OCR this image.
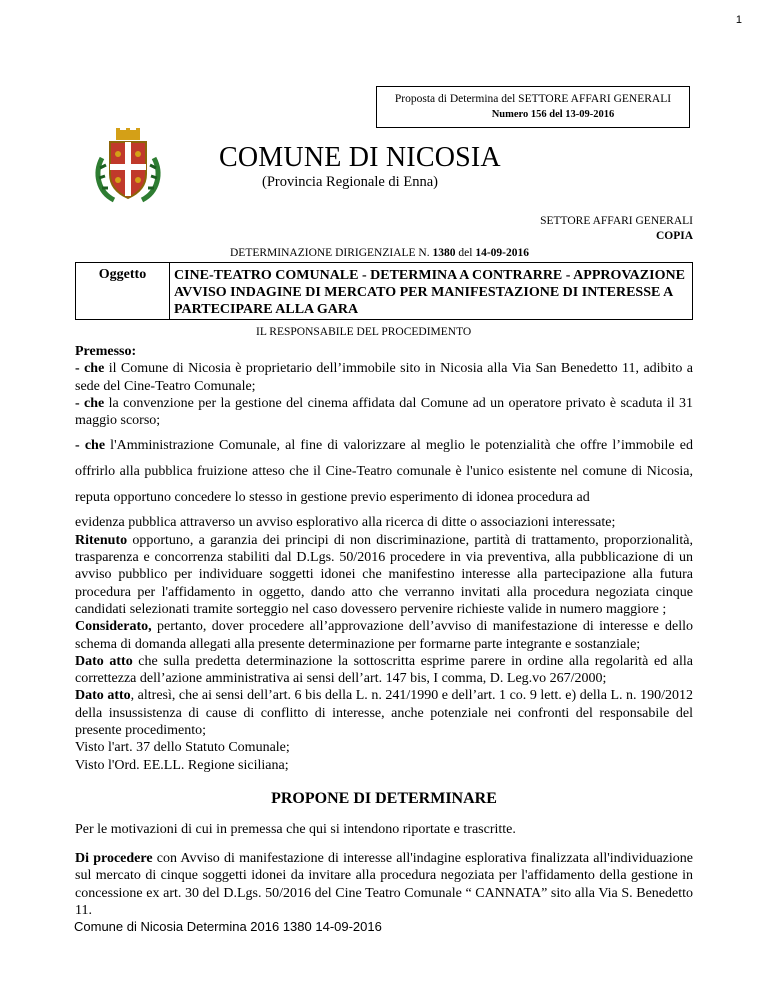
1
Proposta di Determina del SETTORE AFFARI GENERALI
Numero 156 del 13-09-2016
COMUNE DI NICOSIA
(Provincia Regionale di Enna)
SETTORE AFFARI GENERALI
COPIA
DETERMINAZIONE DIRIGENZIALE N. 1380 del 14-09-2016
Oggetto	CINE-TEATRO COMUNALE - DETERMINA A CONTRARRE - APPROVAZIONE AVVISO INDAGINE DI MERCATO PER MANIFESTAZIONE DI INTERESSE A PARTECIPARE ALLA GARA
IL RESPONSABILE DEL PROCEDIMENTO

Premesso:

- che il Comune di Nicosia è proprietario dell’immobile sito in Nicosia alla Via San Benedetto 11, adibito a sede del Cine-Teatro Comunale;

- che la convenzione per la gestione del cinema affidata dal Comune ad un operatore privato è scaduta il 31 maggio scorso;

- che l'Amministrazione Comunale, al fine di valorizzare al meglio le potenzialità che offre l’immobile ed offrirlo alla pubblica fruizione atteso che il Cine-Teatro comunale è l'unico esistente nel comune di Nicosia, reputa opportuno concedere lo stesso in gestione previo esperimento di idonea procedura ad

evidenza pubblica attraverso un avviso esplorativo alla ricerca di ditte o associazioni interessate;

Ritenuto opportuno, a garanzia dei principi di non discriminazione, partità di trattamento, proporzionalità, trasparenza e concorrenza stabiliti dal D.Lgs. 50/2016 procedere in via preventiva, alla pubblicazione di un avviso pubblico per individuare soggetti idonei che manifestino interesse alla partecipazione alla futura procedura per l'affidamento in oggetto, dando atto che verranno invitati alla procedura negoziata cinque candidati selezionati tramite sorteggio nel caso dovessero pervenire richieste valide in numero maggiore ;

Considerato, pertanto, dover procedere all’approvazione dell’avviso di manifestazione di interesse e dello schema di domanda allegati alla presente determinazione per formarne parte integrante e sostanziale;

Dato atto che sulla predetta determinazione la sottoscritta esprime parere in ordine alla regolarità ed alla correttezza dell’azione amministrativa ai sensi dell’art. 147 bis, I comma, D. Leg.vo 267/2000;

Dato atto, altresì, che ai sensi dell’art. 6 bis della L. n. 241/1990 e dell’art. 1 co. 9 lett. e) della L. n. 190/2012 della insussistenza di cause di conflitto di interesse, anche potenziale nei confronti del responsabile del presente procedimento;

Visto l'art. 37 dello Statuto Comunale;

Visto l'Ord. EE.LL. Regione siciliana;

PROPONE DI DETERMINARE
Per le motivazioni di cui in premessa che qui si intendono riportate e trascritte.
Di procedere con Avviso di manifestazione di interesse all'indagine esplorativa finalizzata all'individuazione sul mercato di cinque soggetti idonei da invitare alla procedura negoziata per l'affidamento della gestione in concessione ex art. 30 del D.Lgs. 50/2016 del Cine Teatro Comunale “ CANNATA” sito alla Via S. Benedetto 11.
Comune di Nicosia Determina 2016 1380 14-09-2016
